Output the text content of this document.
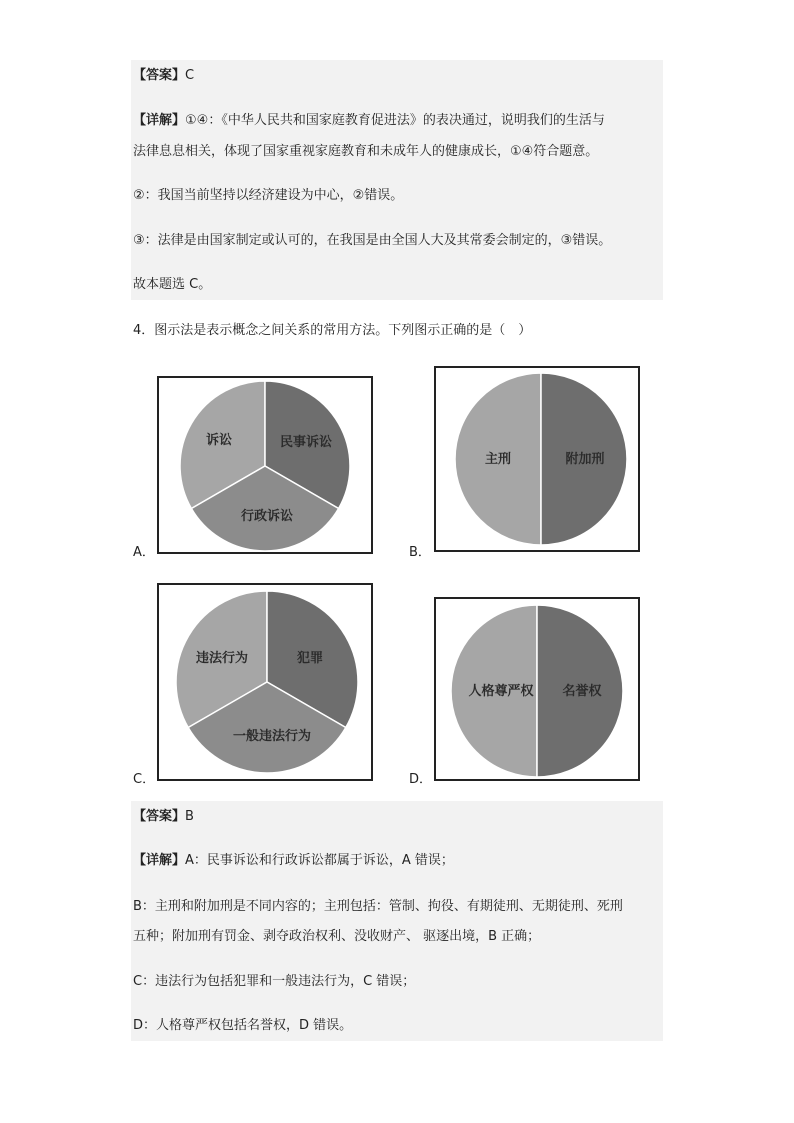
【答案】C
【详解】①④：《中华人民共和国家庭教育促进法》的表决通过，说明我们的生活与
法律息息相关，体现了国家重视家庭教育和未成年人的健康成长，①④符合题意。
②：我国当前坚持以经济建设为中心，②错误。
③：法律是由国家制定或认可的，在我国是由全国人大及其常委会制定的，③错误。
故本题选 C。
4．图示法是表示概念之间关系的常用方法。下列图示正确的是（　）
诉讼	民事诉讼
行政诉讼
A．
主刑	附加刑
B．
违法行为	犯罪
一般违法行为
C．
人格尊严权 名誉权
D．
【答案】B
【详解】A：民事诉讼和行政诉讼都属于诉讼，A 错误；
B：主刑和附加刑是不同内容的；主刑包括：管制、拘役、有期徒刑、无期徒刑、死刑
五种；附加刑有罚金、剥夺政治权利、没收财产、 驱逐出境，B 正确；
C：违法行为包括犯罪和一般违法行为，C 错误；
D：人格尊严权包括名誉权，D 错误。
